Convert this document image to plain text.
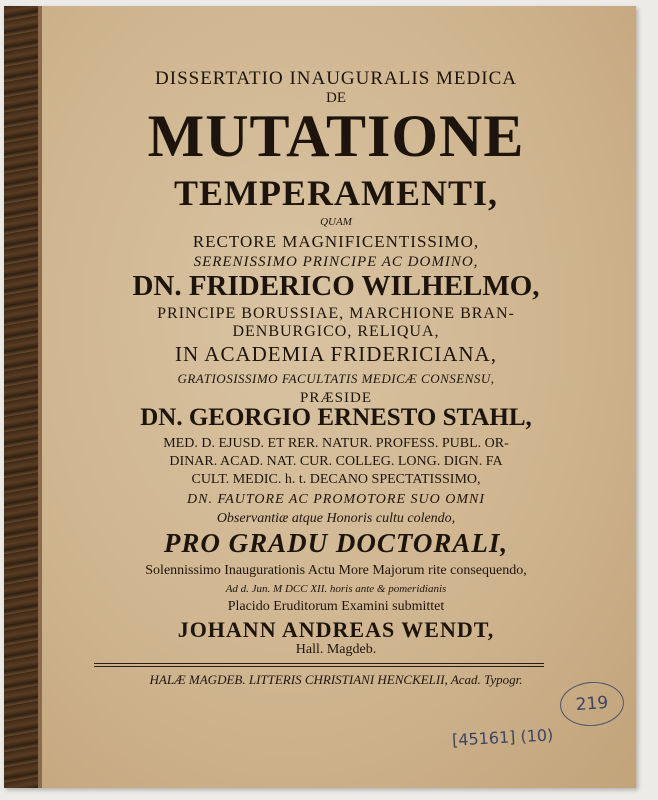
DISSERTATIO INAUGURALIS MEDICA

DE

MUTATIONE

TEMPERAMENTI,

QUAM

RECTORE MAGNIFICENTISSIMO,

SERENISSIMO PRINCIPE AC DOMINO,

DN. FRIDERICO WILHELMO,

PRINCIPE BORUSSIAE, MARCHIONE BRAN-

DENBURGICO, RELIQUA,

IN ACADEMIA FRIDERICIANA,

GRATIOSISSIMO FACULTATIS MEDICÆ CONSENSU,

PRÆSIDE

DN. GEORGIO ERNESTO STAHL,

MED. D. EJUSD. ET RER. NATUR. PROFESS. PUBL. OR-

DINAR. ACAD. NAT. CUR. COLLEG. LONG. DIGN. FA

CULT. MEDIC. h. t. DECANO SPECTATISSIMO,

DN. FAUTORE AC PROMOTORE SUO OMNI

Observantiæ atque Honoris cultu colendo,

PRO GRADU DOCTORALI,

Solennissimo Inaugurationis Actu More Majorum rite consequendo,

Ad d. Jun. M DCC XII. horis ante & pomeridianis

Placido Eruditorum Examini submittet

JOHANN ANDREAS WENDT,

Hall. Magdeb.

HALÆ MAGDEB. LITTERIS CHRISTIANI HENCKELII, Acad. Typogr.

219
[45161] (10)
